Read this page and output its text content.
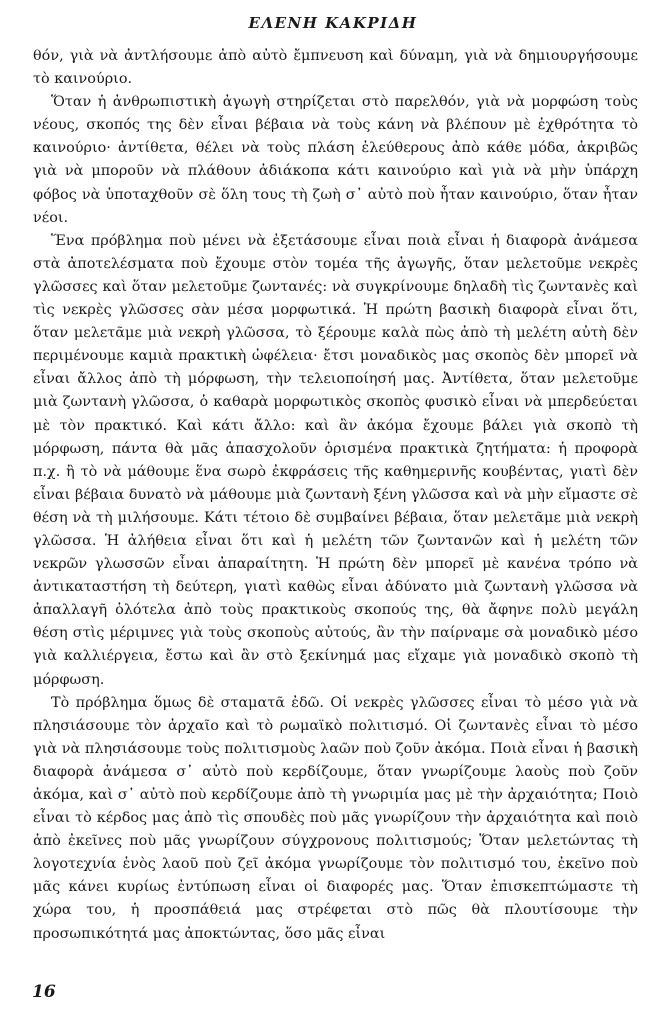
ΕΛΕΝΗ ΚΑΚΡΙΔΗ

θόν, γιὰ νὰ ἀντλήσουμε ἀπὸ αὐτὸ ἔμπνευση καὶ δύναμη, γιὰ νὰ δημιουργήσουμε τὸ καινούριο.

Ὅταν ἡ ἀνθρωπιστικὴ ἀγωγὴ στηρίζεται στὸ παρελθόν, γιὰ νὰ μορφώση τοὺς νέους, σκοπός της δὲν εἶναι βέβαια νὰ τοὺς κάνη νὰ βλέπουν μὲ ἐχθρότητα τὸ καινούριο· ἀντίθετα, θέλει νὰ τοὺς πλάση ἐλεύθερους ἀπὸ κάθε μόδα, ἀκριβῶς γιὰ νὰ μποροῦν νὰ πλάθουν ἀδιάκοπα κάτι καινούριο καὶ γιὰ νὰ μὴν ὑπάρχη φόβος νὰ ὑποταχθοῦν σὲ ὅλη τους τὴ ζωὴ σ᾽ αὐτὸ ποὺ ἦταν καινούριο, ὅταν ἦταν νέοι.

Ἕνα πρόβλημα ποὺ μένει νὰ ἐξετάσουμε εἶναι ποιὰ εἶναι ἡ διαφορὰ ἀνάμεσα στὰ ἀποτελέσματα ποὺ ἔχουμε στὸν τομέα τῆς ἀγωγῆς, ὅταν μελετοῦμε νεκρὲς γλῶσσες καὶ ὅταν μελετοῦμε ζωντανές: νὰ συγκρίνουμε δηλαδὴ τὶς ζωντανὲς καὶ τὶς νεκρὲς γλῶσσες σὰν μέσα μορφωτικά. Ἡ πρώτη βασικὴ διαφορὰ εἶναι ὅτι, ὅταν μελετᾶμε μιὰ νεκρὴ γλῶσσα, τὸ ξέρουμε καλὰ πὼς ἀπὸ τὴ μελέτη αὐτὴ δὲν περιμένουμε καμιὰ πρακτικὴ ὠφέλεια· ἔτσι μοναδικὸς μας σκοπὸς δὲν μπορεῖ νὰ εἶναι ἄλλος ἀπὸ τὴ μόρφωση, τὴν τελειοποίησή μας. Ἀντίθετα, ὅταν μελετοῦμε μιὰ ζωντανὴ γλῶσσα, ὁ καθαρὰ μορφωτικὸς σκοπὸς φυσικὸ εἶναι νὰ μπερδεύεται μὲ τὸν πρακτικό. Καὶ κάτι ἄλλο: καὶ ἂν ἀκόμα ἔχουμε βάλει γιὰ σκοπὸ τὴ μόρφωση, πάντα θὰ μᾶς ἀπασχολοῦν ὁρισμένα πρακτικὰ ζητήματα: ἡ προφορὰ π.χ. ἢ τὸ νὰ μάθουμε ἕνα σωρὸ ἐκφράσεις τῆς καθημερινῆς κουβέντας, γιατὶ δὲν εἶναι βέβαια δυνατὸ νὰ μάθουμε μιὰ ζωντανὴ ξένη γλῶσσα καὶ νὰ μὴν εἴμαστε σὲ θέση νὰ τὴ μιλήσουμε. Κάτι τέτοιο δὲ συμβαίνει βέβαια, ὅταν μελετᾶμε μιὰ νεκρὴ γλῶσσα. Ἡ ἀλήθεια εἶναι ὅτι καὶ ἡ μελέτη τῶν ζωντανῶν καὶ ἡ μελέτη τῶν νεκρῶν γλωσσῶν εἶναι ἀπαραίτητη. Ἡ πρώτη δὲν μπορεῖ μὲ κανένα τρόπο νὰ ἀντικαταστήση τὴ δεύτερη, γιατὶ καθὼς εἶναι ἀδύνατο μιὰ ζωντανὴ γλῶσσα νὰ ἀπαλλαγῆ ὁλότελα ἀπὸ τοὺς πρακτικοὺς σκοπούς της, θὰ ἄφηνε πολὺ μεγάλη θέση στὶς μέριμνες γιὰ τοὺς σκοποὺς αὐτούς, ἂν τὴν παίρναμε σὰ μοναδικὸ μέσο γιὰ καλλιέργεια, ἔστω καὶ ἂν στὸ ξεκίνημά μας εἴχαμε γιὰ μοναδικὸ σκοπὸ τὴ μόρφωση.

Τὸ πρόβλημα ὅμως δὲ σταματᾶ ἐδῶ. Οἱ νεκρὲς γλῶσσες εἶναι τὸ μέσο γιὰ νὰ πλησιάσουμε τὸν ἀρχαῖο καὶ τὸ ρωμαϊκὸ πολιτισμό. Οἱ ζωντανὲς εἶναι τὸ μέσο γιὰ νὰ πλησιάσουμε τοὺς πολιτισμοὺς λαῶν ποὺ ζοῦν ἀκόμα. Ποιὰ εἶναι ἡ βασικὴ διαφορὰ ἀνάμεσα σ᾽ αὐτὸ ποὺ κερδίζουμε, ὅταν γνωρίζουμε λαοὺς ποὺ ζοῦν ἀκόμα, καὶ σ᾽ αὐτὸ ποὺ κερδίζουμε ἀπὸ τὴ γνωριμία μας μὲ τὴν ἀρχαιότητα; Ποιὸ εἶναι τὸ κέρδος μας ἀπὸ τὶς σπουδὲς ποὺ μᾶς γνωρίζουν τὴν ἀρχαιότητα καὶ ποιὸ ἀπὸ ἐκεῖνες ποὺ μᾶς γνωρίζουν σύγχρονους πολιτισμούς; Ὅταν μελετώντας τὴ λογοτεχνία ἑνὸς λαοῦ ποὺ ζεῖ ἀκόμα γνωρίζουμε τὸν πολιτισμό του, ἐκεῖνο ποὺ μᾶς κάνει κυρίως ἐντύπωση εἶναι οἱ διαφορές μας. Ὅταν ἐπισκεπτώμαστε τὴ χώρα του, ἡ προσπάθειά μας στρέφεται στὸ πῶς θὰ πλουτίσουμε τὴν προσωπικότητά μας ἀποκτώντας, ὅσο μᾶς εἶναι

16
